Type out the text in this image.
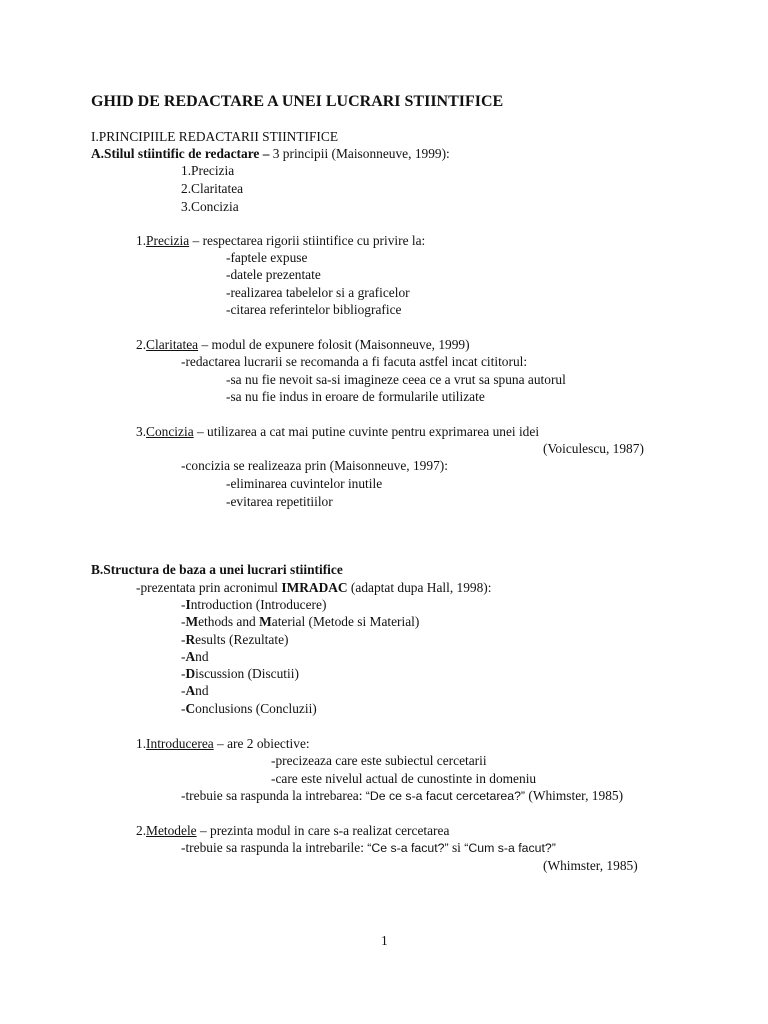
GHID DE REDACTARE A UNEI LUCRARI STIINTIFICE
I.PRINCIPIILE REDACTARII STIINTIFICE
A.Stilul stiintific de redactare – 3 principii (Maisonneuve, 1999):
1.Precizia
2.Claritatea
3.Concizia
1.Precizia – respectarea rigorii stiintifice cu privire la:
-faptele expuse
-datele prezentate
-realizarea tabelelor si a graficelor
-citarea referintelor bibliografice
2.Claritatea – modul de expunere folosit (Maisonneuve, 1999)
-redactarea lucrarii se recomanda a fi facuta astfel incat cititorul:
-sa nu fie nevoit sa-si imagineze ceea ce a vrut sa spuna autorul
-sa nu fie indus in eroare de formularile utilizate
3.Concizia – utilizarea a cat mai putine cuvinte pentru exprimarea unei idei
(Voiculescu, 1987)
-concizia se realizeaza prin (Maisonneuve, 1997):
-eliminarea cuvintelor inutile
-evitarea repetitiilor
B.Structura de baza a unei lucrari stiintifice
-prezentata prin acronimul IMRADAC (adaptat dupa Hall, 1998):
-Introduction (Introducere)
-Methods and Material (Metode si Material)
-Results (Rezultate)
-And
-Discussion (Discutii)
-And
-Conclusions (Concluzii)
1.Introducerea – are 2 obiective:
-precizeaza care este subiectul cercetarii
-care este nivelul actual de cunostinte in domeniu
-trebuie sa raspunda la intrebarea: “De ce s-a facut cercetarea?” (Whimster, 1985)
2.Metodele – prezinta modul in care s-a realizat cercetarea
-trebuie sa raspunda la intrebarile: “Ce s-a facut?” si “Cum s-a facut?”
(Whimster, 1985)
1
